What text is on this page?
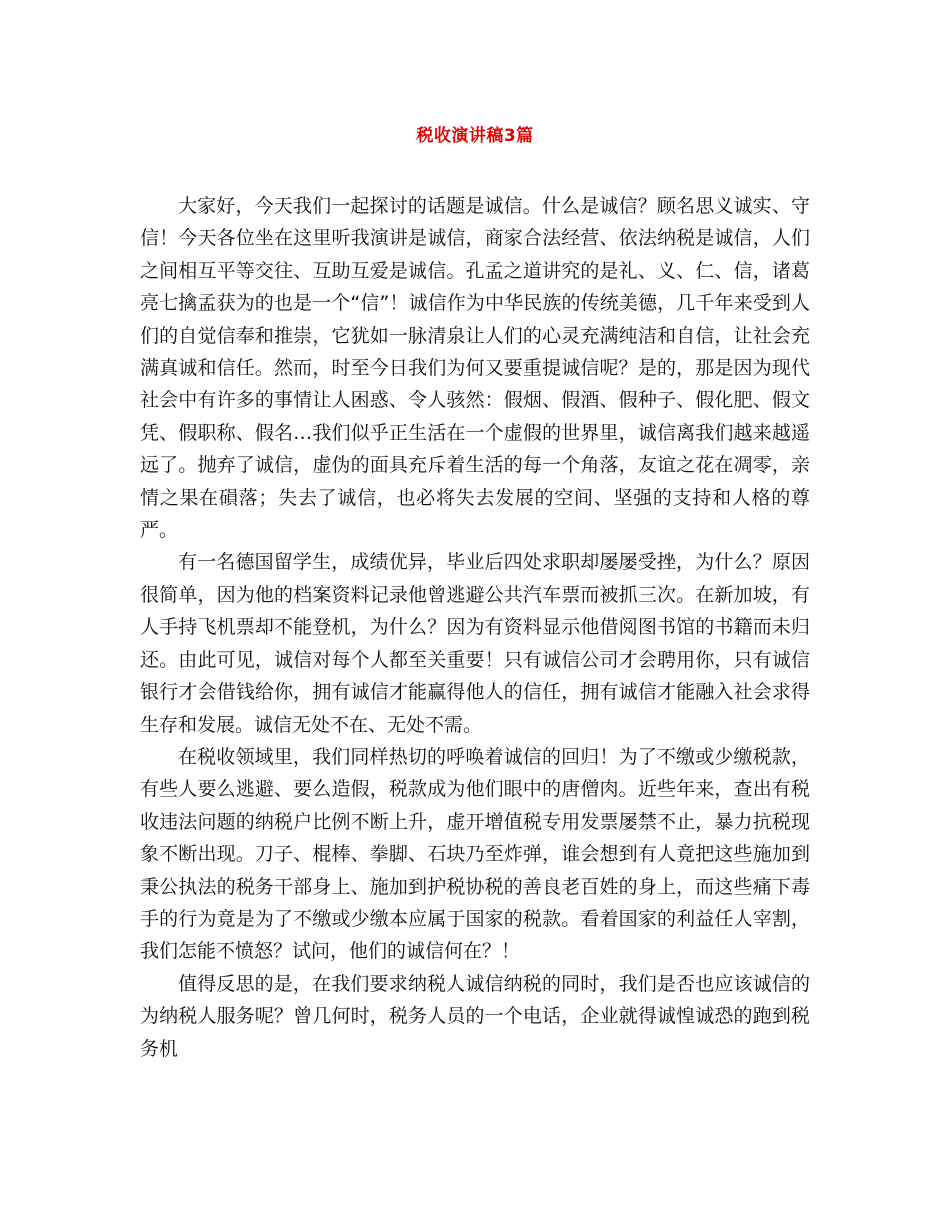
税收演讲稿3篇

大家好，今天我们一起探讨的话题是诚信。什么是诚信？顾名思义诚实、守信！今天各位坐在这里听我演讲是诚信，商家合法经营、依法纳税是诚信，人们之间相互平等交往、互助互爱是诚信。孔孟之道讲究的是礼、义、仁、信，诸葛亮七擒孟获为的也是一个“信”！诚信作为中华民族的传统美德，几千年来受到人们的自觉信奉和推崇，它犹如一脉清泉让人们的心灵充满纯洁和自信，让社会充满真诚和信任。然而，时至今日我们为何又要重提诚信呢？是的，那是因为现代社会中有许多的事情让人困惑、令人骇然：假烟、假酒、假种子、假化肥、假文凭、假职称、假名…我们似乎正生活在一个虚假的世界里，诚信离我们越来越遥远了。抛弃了诚信，虚伪的面具充斥着生活的每一个角落，友谊之花在凋零，亲情之果在磒落；失去了诚信，也必将失去发展的空间、坚强的支持和人格的尊严。

有一名德国留学生，成绩优异，毕业后四处求职却屡屡受挫，为什么？原因很简单，因为他的档案资料记录他曾逃避公共汽车票而被抓三次。在新加坡，有人手持飞机票却不能登机，为什么？因为有资料显示他借阅图书馆的书籍而未归还。由此可见，诚信对每个人都至关重要！只有诚信公司才会聘用你，只有诚信银行才会借钱给你，拥有诚信才能赢得他人的信任，拥有诚信才能融入社会求得生存和发展。诚信无处不在、无处不需。

在税收领域里，我们同样热切的呼唤着诚信的回归！为了不缴或少缴税款，有些人要么逃避、要么造假，税款成为他们眼中的唐僧肉。近些年来，查出有税收违法问题的纳税户比例不断上升，虚开增值税专用发票屡禁不止，暴力抗税现象不断出现。刀子、棍棒、拳脚、石块乃至炸弹，谁会想到有人竟把这些施加到秉公执法的税务干部身上、施加到护税协税的善良老百姓的身上，而这些痛下毒手的行为竟是为了不缴或少缴本应属于国家的税款。看着国家的利益任人宰割，我们怎能不愤怒？试问，他们的诚信何在？！

值得反思的是，在我们要求纳税人诚信纳税的同时，我们是否也应该诚信的为纳税人服务呢？曾几何时，税务人员的一个电话，企业就得诚惶诚恐的跑到税务机
